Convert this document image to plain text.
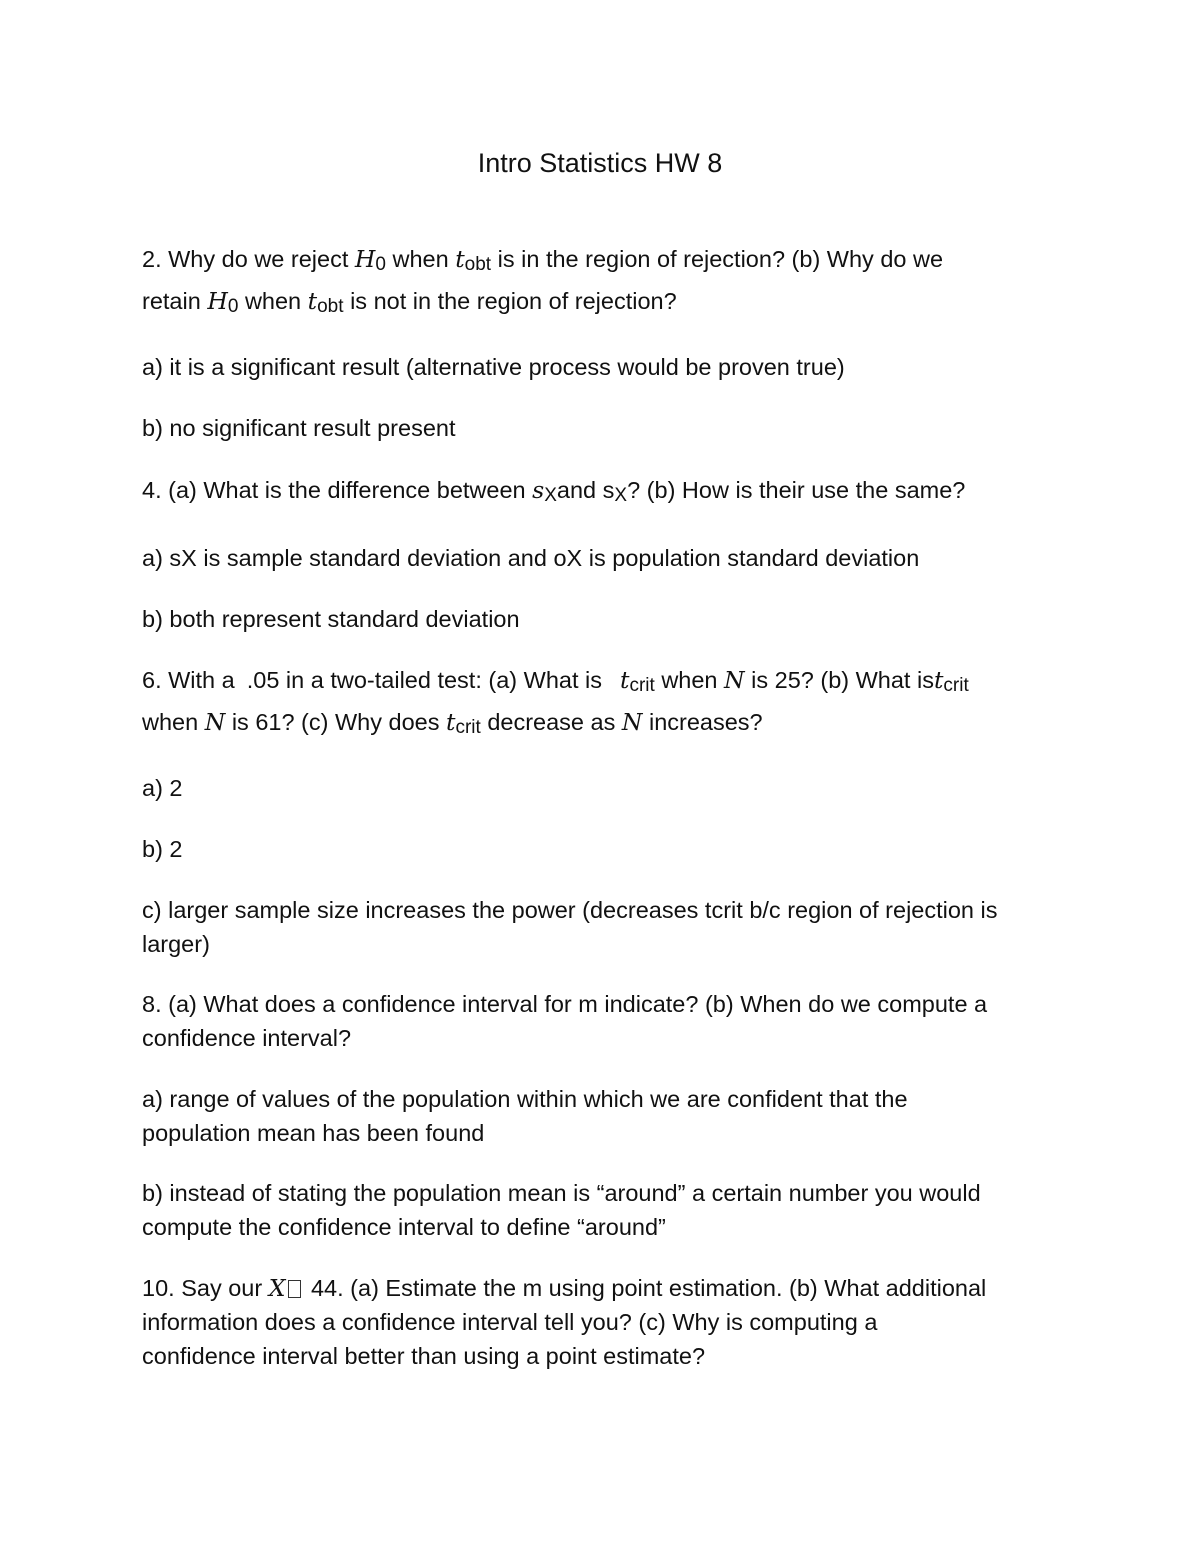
Intro Statistics HW 8
2. Why do we reject H0 when tobt is in the region of rejection? (b) Why do we
retain H0 when tobt is not in the region of rejection?
a) it is a significant result (alternative process would be proven true)
b) no significant result present
4. (a) What is the difference between sXand sX? (b) How is their use the same?
a) sX is sample standard deviation and oX is population standard deviation
b) both represent standard deviation
6. With a .05 in a two-tailed test: (a) What is tcrit when N is 25? (b) What istcrit
when N is 61? (c) Why does tcrit decrease as N increases?
a) 2
b) 2
c) larger sample size increases the power (decreases tcrit b/c region of rejection is
larger)
8. (a) What does a confidence interval for m indicate? (b) When do we compute a
confidence interval?
a) range of values of the population within which we are confident that the
population mean has been found
b) instead of stating the population mean is “around” a certain number you would
compute the confidence interval to define “around”
10. Say our X 44. (a) Estimate the m using point estimation. (b) What additional
information does a confidence interval tell you? (c) Why is computing a
confidence interval better than using a point estimate?
